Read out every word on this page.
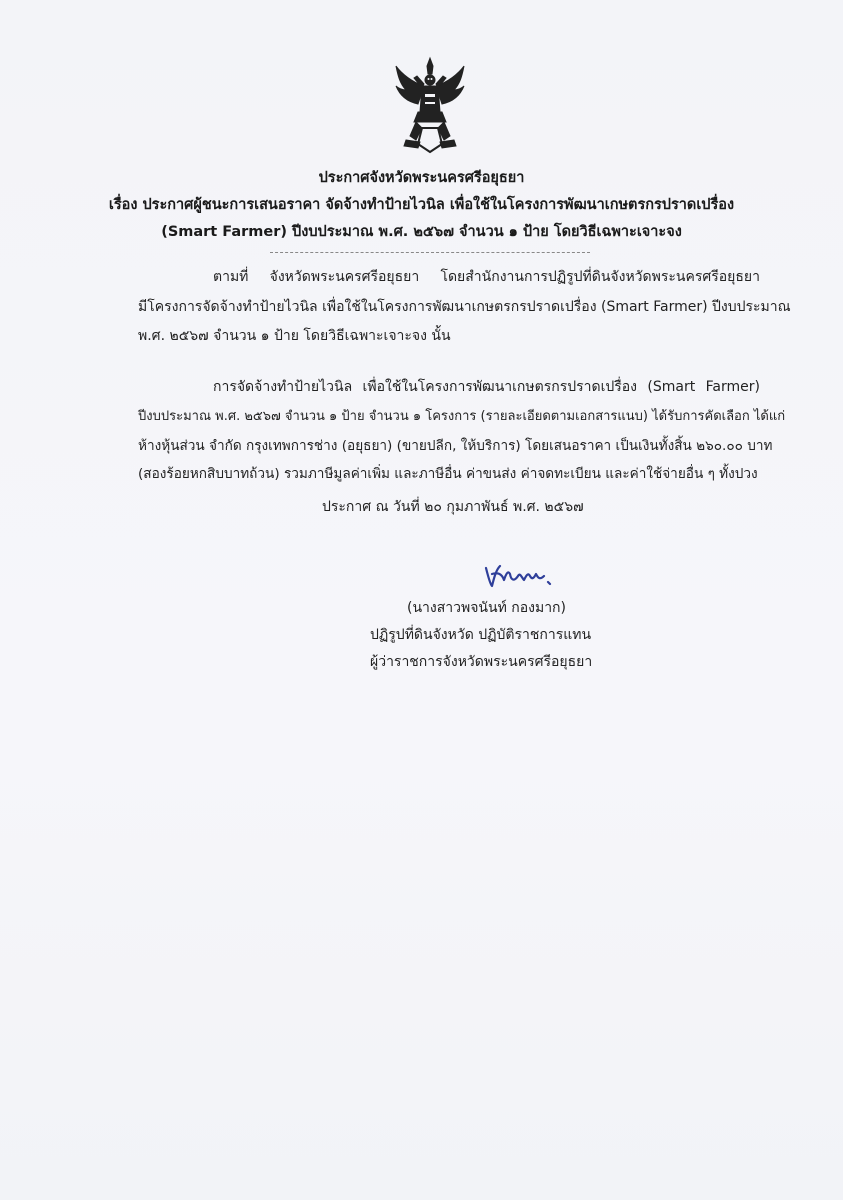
ประกาศจังหวัดพระนครศรีอยุธยา
เรื่อง ประกาศผู้ชนะการเสนอราคา จัดจ้างทำป้ายไวนิล เพื่อใช้ในโครงการพัฒนาเกษตรกรปราดเปรื่อง
(Smart Farmer) ปีงบประมาณ พ.ศ. ๒๕๖๗ จำนวน ๑ ป้าย โดยวิธีเฉพาะเจาะจง
ตามที่ จังหวัดพระนครศรีอยุธยา โดยสำนักงานการปฏิรูปที่ดินจังหวัดพระนครศรีอยุธยา
มีโครงการจัดจ้างทำป้ายไวนิล เพื่อใช้ในโครงการพัฒนาเกษตรกรปราดเปรื่อง (Smart Farmer) ปีงบประมาณ
พ.ศ. ๒๕๖๗ จำนวน ๑ ป้าย โดยวิธีเฉพาะเจาะจง นั้น
การจัดจ้างทำป้ายไวนิล เพื่อใช้ในโครงการพัฒนาเกษตรกรปราดเปรื่อง (Smart Farmer)
ปีงบประมาณ พ.ศ. ๒๕๖๗ จำนวน ๑ ป้าย จำนวน ๑ โครงการ (รายละเอียดตามเอกสารแนบ) ได้รับการคัดเลือก ได้แก่
ห้างหุ้นส่วน จำกัด กรุงเทพการช่าง (อยุธยา) (ขายปลีก, ให้บริการ) โดยเสนอราคา เป็นเงินทั้งสิ้น ๒๖๐.๐๐ บาท
(สองร้อยหกสิบบาทถ้วน) รวมภาษีมูลค่าเพิ่ม และภาษีอื่น ค่าขนส่ง ค่าจดทะเบียน และค่าใช้จ่ายอื่น ๆ ทั้งปวง
ประกาศ ณ วันที่ ๒๐ กุมภาพันธ์ พ.ศ. ๒๕๖๗
(นางสาวพจนันท์ กองมาก)
ปฏิรูปที่ดินจังหวัด ปฏิบัติราชการแทน
ผู้ว่าราชการจังหวัดพระนครศรีอยุธยา
